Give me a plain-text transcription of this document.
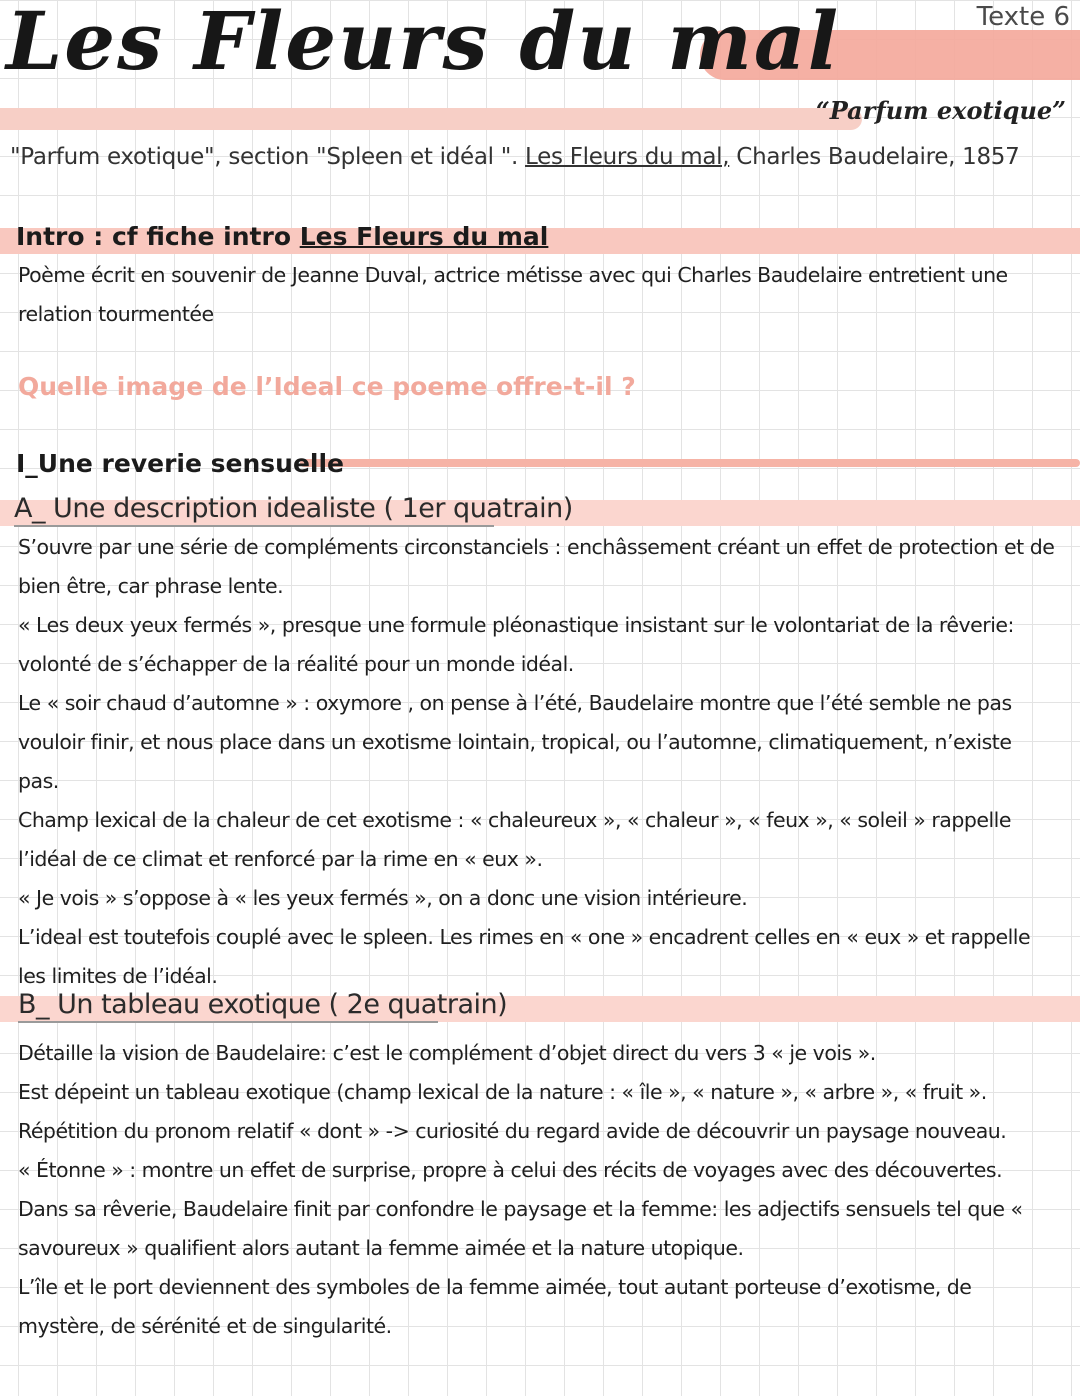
Les Fleurs du mal	Texte 6
“Parfum exotique”
"Parfum exotique", section "Spleen et idéal ". Les Fleurs du mal, Charles Baudelaire, 1857
Intro : cf fiche intro Les Fleurs du mal

Poème écrit en souvenir de Jeanne Duval, actrice métisse avec qui Charles Baudelaire entretient une relation tourmentée

Quelle image de l’Ideal ce poeme offre-t-il ?
I_Une reverie sensuelle
A_ Une description idealiste ( 1er quatrain)

S’ouvre par une série de compléments circonstanciels : enchâssement créant un effet de protection et de bien être, car phrase lente.

« Les deux yeux fermés », presque une formule pléonastique insistant sur le volontariat de la rêverie: volonté de s’échapper de la réalité pour un monde idéal.

Le « soir chaud d’automne » : oxymore , on pense à l’été, Baudelaire montre que l’été semble ne pas vouloir finir, et nous place dans un exotisme lointain, tropical, ou l’automne, climatiquement, n’existe pas.

Champ lexical de la chaleur de cet exotisme : « chaleureux », « chaleur », « feux », « soleil » rappelle l’idéal de ce climat et renforcé par la rime en « eux ».

« Je vois » s’oppose à « les yeux fermés », on a donc une vision intérieure.

L’ideal est toutefois couplé avec le spleen. Les rimes en « one » encadrent celles en « eux » et rappelle les limites de l’idéal.

B_ Un tableau exotique ( 2e quatrain)

Détaille la vision de Baudelaire: c’est le complément d’objet direct du vers 3 « je vois ».

Est dépeint un tableau exotique (champ lexical de la nature : « île », « nature », « arbre », « fruit ».

Répétition du pronom relatif « dont » -> curiosité du regard avide de découvrir un paysage nouveau.

« Étonne » : montre un effet de surprise, propre à celui des récits de voyages avec des découvertes.

Dans sa rêverie, Baudelaire finit par confondre le paysage et la femme: les adjectifs sensuels tel que « savoureux » qualifient alors autant la femme aimée et la nature utopique.

L’île et le port deviennent des symboles de la femme aimée, tout autant porteuse d’exotisme, de mystère, de sérénité et de singularité.
